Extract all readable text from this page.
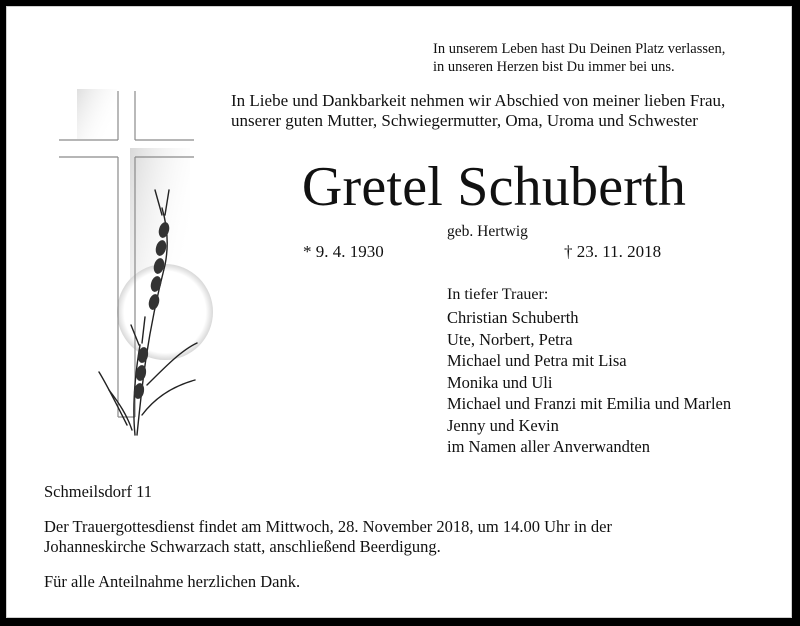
In unserem Leben hast Du Deinen Platz verlassen,
in unseren Herzen bist Du immer bei uns.
In Liebe und Dankbarkeit nehmen wir Abschied von meiner lieben Frau,
unserer guten Mutter, Schwiegermutter, Oma, Uroma und Schwester
Gretel Schuberth
geb. Hertwig
* 9. 4. 1930	† 23. 11. 2018
In tiefer Trauer:
Christian Schuberth
Ute, Norbert, Petra
Michael und Petra mit Lisa
Monika und Uli
Michael und Franzi mit Emilia und Marlen
Jenny und Kevin
im Namen aller Anverwandten
Schmeilsdorf 11
Der Trauergottesdienst findet am Mittwoch, 28. November 2018, um 14.00 Uhr in der
Johanneskirche Schwarzach statt, anschließend Beerdigung.
Für alle Anteilnahme herzlichen Dank.
